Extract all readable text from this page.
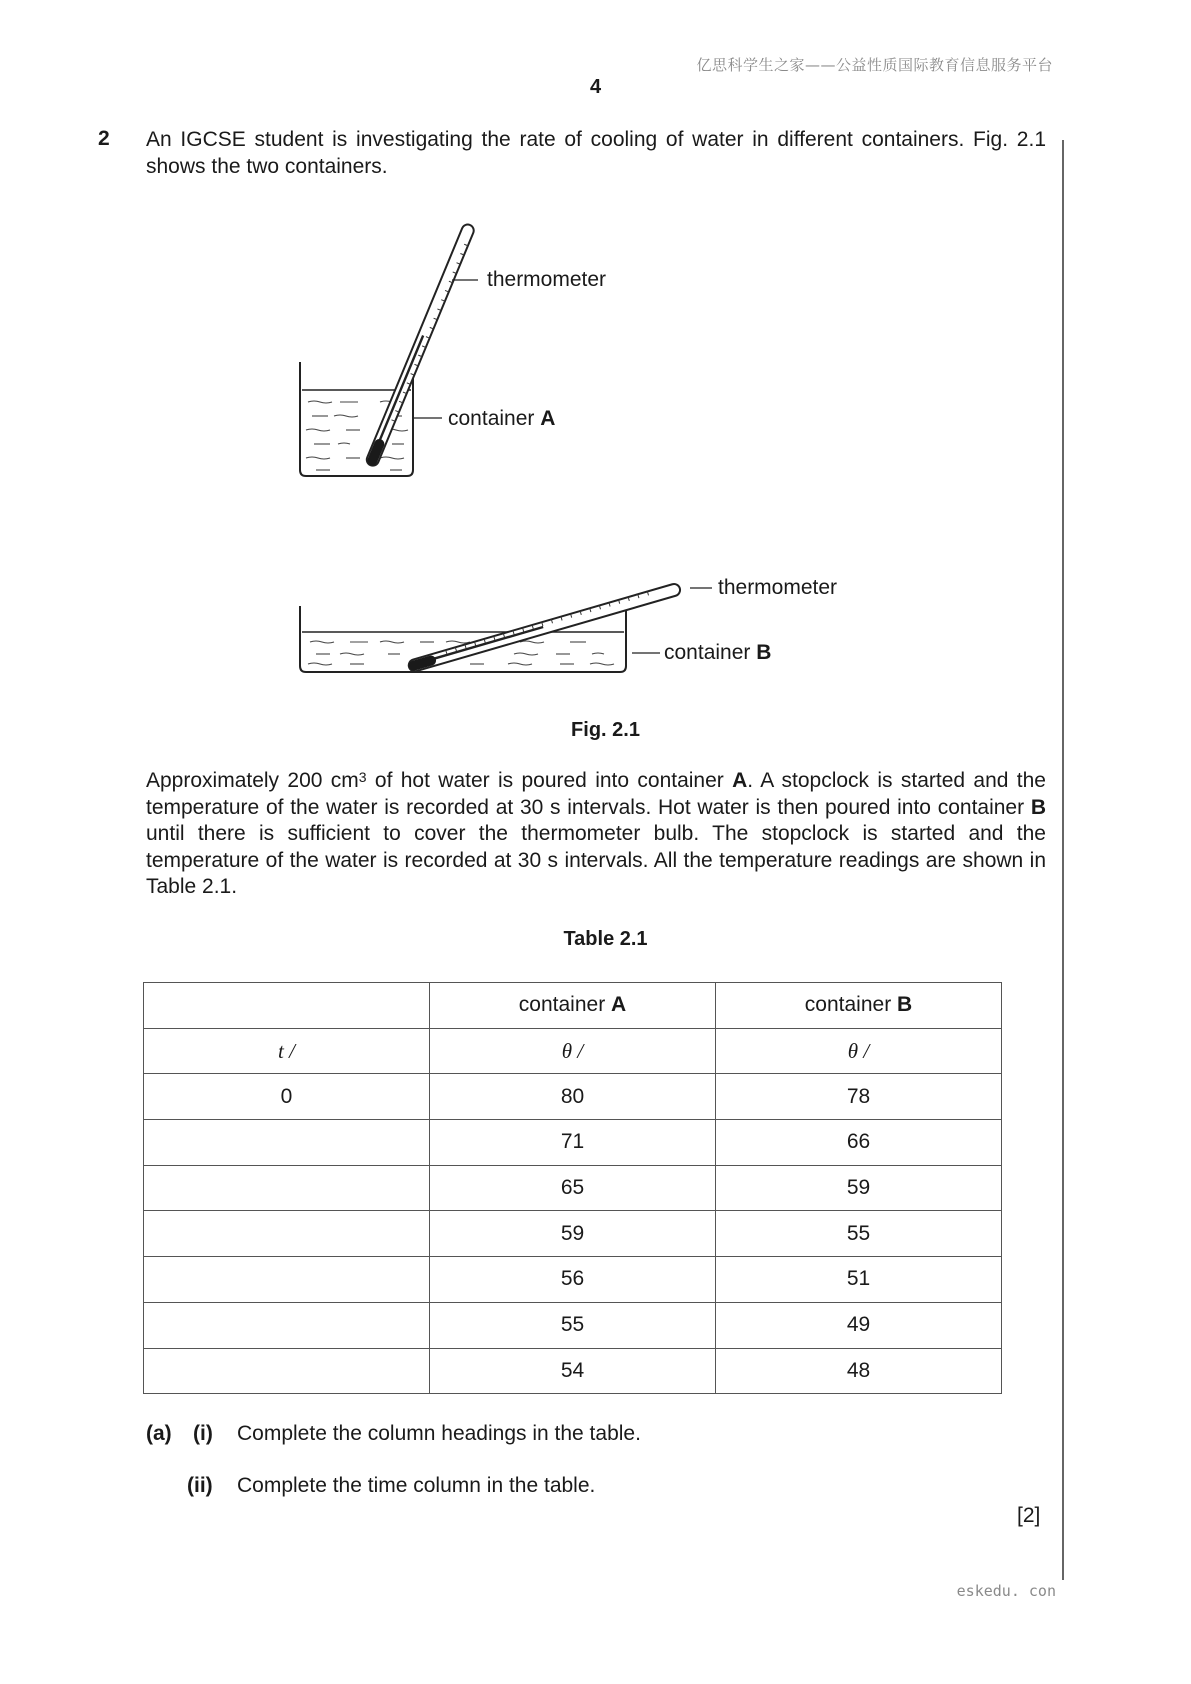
亿思科学生之家——公益性质国际教育信息服务平台
4
2 An IGCSE student is investigating the rate of cooling of water in different containers. Fig. 2.1 shows the two containers.
thermometer
container A
thermometer
container B
Fig. 2.1
Approximately 200 $cm^3$ of hot water is poured into container A. A stopclock is started and the temperature of the water is recorded at 30 s intervals. Hot water is then poured into container B until there is sufficient to cover the thermometer bulb. The stopclock is started and the temperature of the water is recorded at 30 s intervals. All the temperature readings are shown in Table 2.1.
Table 2.1
	container A	container B
t /	θ /	θ /
0	80	78
	71	66
	65	59
	59	55
	56	51
	55	49
	54	48
(a) (i) Complete the column headings in the table.
(ii) Complete the time column in the table.
[2]
eskedu. con
